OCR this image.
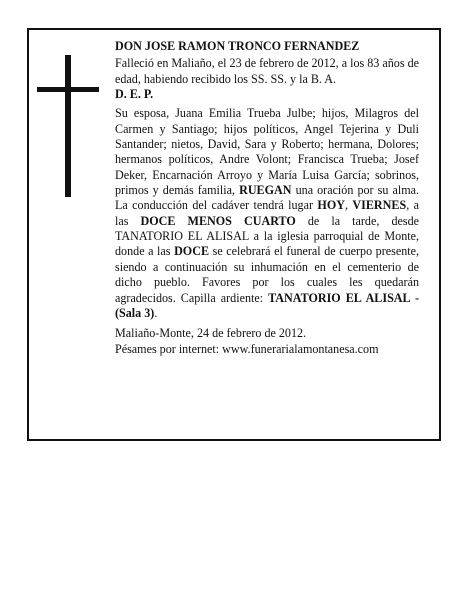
DON JOSE RAMON TRONCO FERNANDEZ

Falleció en Maliaño, el 23 de febrero de 2012, a los 83 años de edad, habiendo recibido los SS. SS. y la B. A.

D. E. P.

Su esposa, Juana Emilia Trueba Julbe; hijos, Milagros del Carmen y Santiago; hijos políticos, Angel Tejerina y Duli Santander; nietos, David, Sara y Roberto; hermana, Dolores; hermanos políticos, Andre Volont; Francisca Trueba; Josef Deker, Encarnación Arroyo y María Luisa García; sobrinos, primos y demás familia, RUEGAN una oración por su alma. La conducción del cadáver tendrá lugar HOY, VIERNES, a las DOCE MENOS CUARTO de la tarde, desde TANATORIO EL ALISAL a la iglesia parroquial de Monte, donde a las DOCE se celebrará el funeral de cuerpo presente, siendo a continuación su inhumación en el cementerio de dicho pueblo. Favores por los cuales les quedarán agradecidos. Capilla ardiente: TANATORIO EL ALISAL - (Sala 3).

Maliaño-Monte, 24 de febrero de 2012.

Pésames por internet: www.funerarialamontanesa.com
